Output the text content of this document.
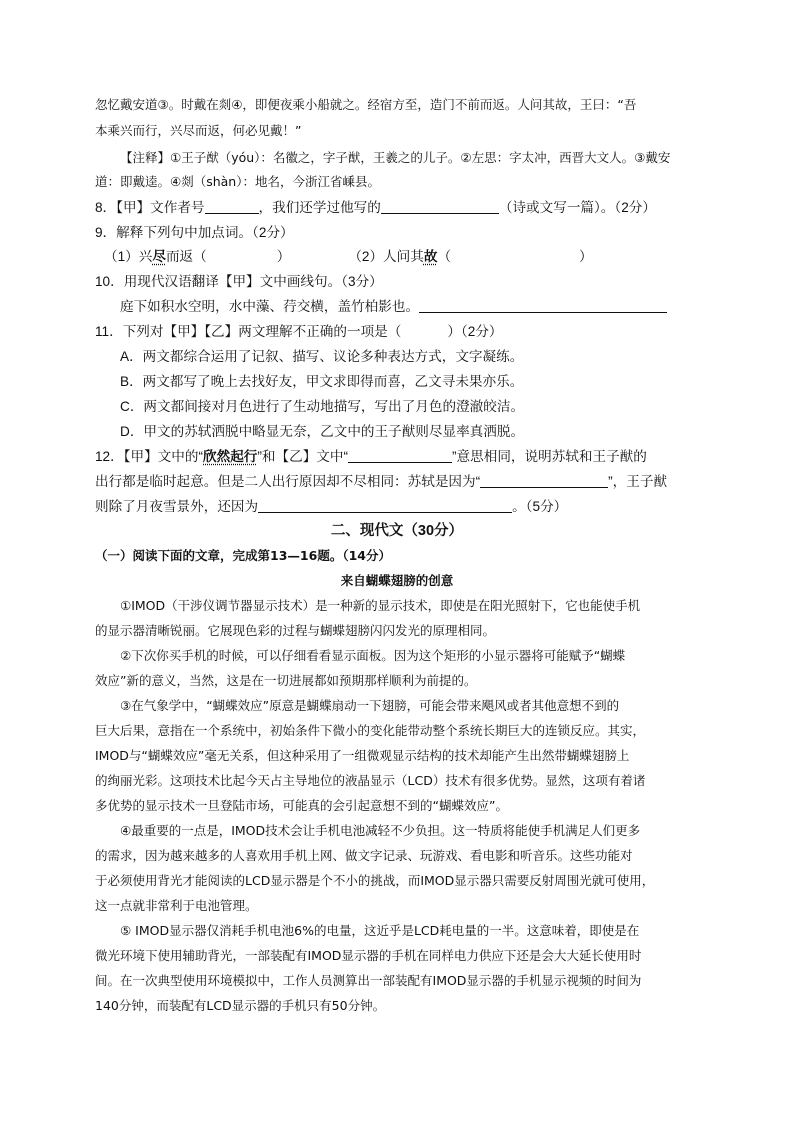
忽忆戴安道③。时戴在剡④，即便夜乘小船就之。经宿方至，造门不前而返。人问其故，王曰：“吾
本乘兴而行，兴尽而返，何必见戴！”
【注释】①王子猷（yóu）：名徽之，字子猷，王羲之的儿子。②左思：字太冲，西晋大文人。③戴安
道：即戴逵。④剡（shàn）：地名，今浙江省嵊县。
8．【甲】文作者号	，我们还学过他写的	（诗或文写一篇）。（2分）
9．解释下列句中加点词。（2分）
（1）兴尽而返（	）	（2）人问其故（	）
10．用现代汉语翻译【甲】文中画线句。（3分）
庭下如积水空明，水中藻、荇交横，盖竹柏影也。
11．下列对【甲】【乙】两文理解不正确的一项是（	）（2分）
A．两文都综合运用了记叙、描写、议论多种表达方式，文字凝练。
B．两文都写了晚上去找好友，甲文求即得而喜，乙文寻未果亦乐。
C．两文都间接对月色进行了生动地描写，写出了月色的澄澈皎洁。
D．甲文的苏轼洒脱中略显无奈，乙文中的王子猷则尽显率真洒脱。
12．【甲】文中的“欣然起行”和【乙】文中“	”意思相同，说明苏轼和王子猷的
出行都是临时起意。但是二人出行原因却不尽相同：苏轼是因为“	”，王子猷
则除了月夜雪景外，还因为	。（5分）
二、现代文（30分）
（一）阅读下面的文章，完成第13—16题。（14分）
来自蝴蝶翅膀的创意
①IMOD（干涉仪调节器显示技术）是一种新的显示技术，即使是在阳光照射下，它也能使手机
的显示器清晰锐丽。它展现色彩的过程与蝴蝶翅膀闪闪发光的原理相同。
②下次你买手机的时候，可以仔细看看显示面板。因为这个矩形的小显示器将可能赋予“蝴蝶
效应”新的意义，当然，这是在一切进展都如预期那样顺利为前提的。
③在气象学中，“蝴蝶效应”原意是蝴蝶扇动一下翅膀，可能会带来飓风或者其他意想不到的
巨大后果，意指在一个系统中，初始条件下微小的变化能带动整个系统长期巨大的连锁反应。其实，
IMOD与“蝴蝶效应”毫无关系，但这种采用了一组微观显示结构的技术却能产生出然带蝴蝶翅膀上
的绚丽光彩。这项技术比起今天占主导地位的液晶显示（LCD）技术有很多优势。显然，这项有着诸
多优势的显示技术一旦登陆市场，可能真的会引起意想不到的“蝴蝶效应”。
④最重要的一点是，IMOD技术会让手机电池减轻不少负担。这一特质将能使手机满足人们更多
的需求，因为越来越多的人喜欢用手机上网、做文字记录、玩游戏、看电影和听音乐。这些功能对
于必须使用背光才能阅读的LCD显示器是个不小的挑战，而IMOD显示器只需要反射周围光就可使用，
这一点就非常利于电池管理。
⑤ IMOD显示器仅消耗手机电池6%的电量，这近乎是LCD耗电量的一半。这意味着，即使是在
微光环境下使用辅助背光，一部装配有IMOD显示器的手机在同样电力供应下还是会大大延长使用时
间。在一次典型使用环境模拟中，工作人员测算出一部装配有IMOD显示器的手机显示视频的时间为
140分钟，而装配有LCD显示器的手机只有50分钟。
